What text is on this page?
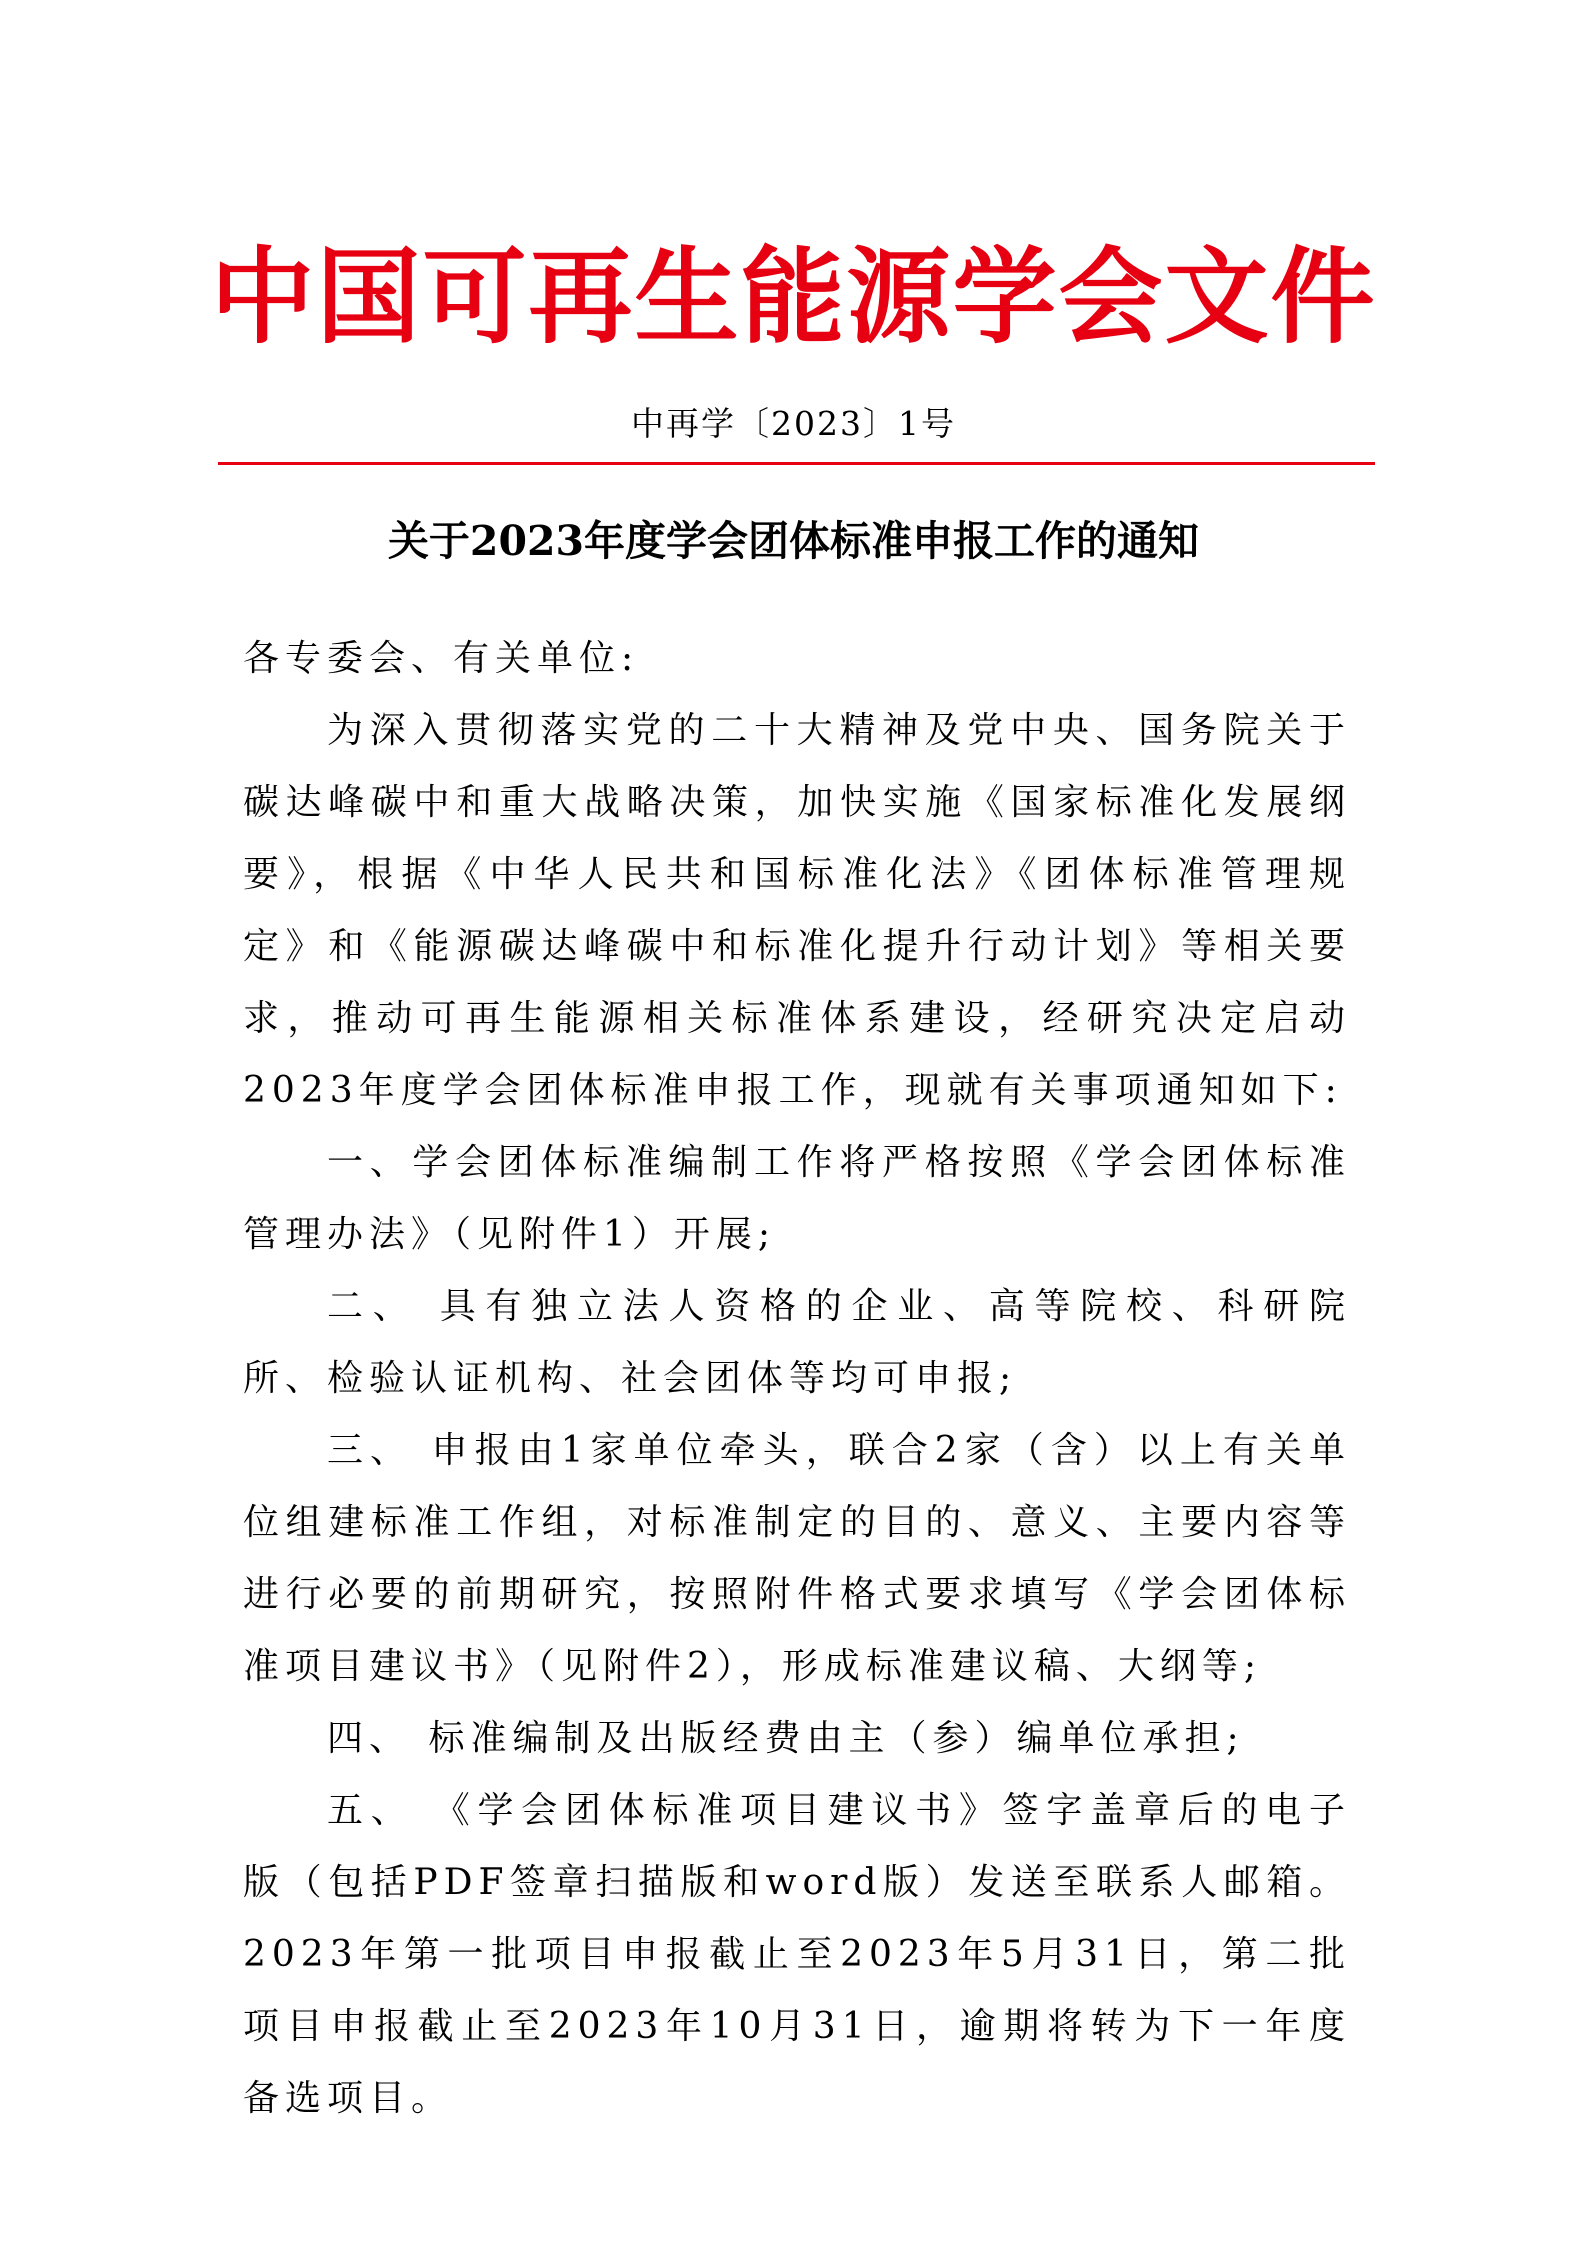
中国可再生能源学会文件
中再学〔2023〕1号
关于2023年度学会团体标准申报工作的通知

各专委会、有关单位:

为深入贯彻落实党的二十大精神及党中央、国务院关于碳达峰碳中和重大战略决策，加快实施《国家标准化发展纲要》，根据《中华人民共和国标准化法》《团体标准管理规定》和《能源碳达峰碳中和标准化提升行动计划》等相关要求，推动可再生能源相关标准体系建设，经研究决定启动2023年度学会团体标准申报工作，现就有关事项通知如下:

一、学会团体标准编制工作将严格按照《学会团体标准管理办法》（见附件1）开展;

二、 具有独立法人资格的企业、高等院校、科研院所、检验认证机构、社会团体等均可申报;

三、 申报由1家单位牵头，联合2家（含）以上有关单位组建标准工作组，对标准制定的目的、意义、主要内容等进行必要的前期研究，按照附件格式要求填写《学会团体标准项目建议书》（见附件2），形成标准建议稿、大纲等;

四、 标准编制及出版经费由主（参）编单位承担;

五、 《学会团体标准项目建议书》签字盖章后的电子版（包括PDF签章扫描版和word版）发送至联系人邮箱。2023年第一批项目申报截止至2023年5月31日，第二批项目申报截止至2023年10月31日，逾期将转为下一年度备选项目。
